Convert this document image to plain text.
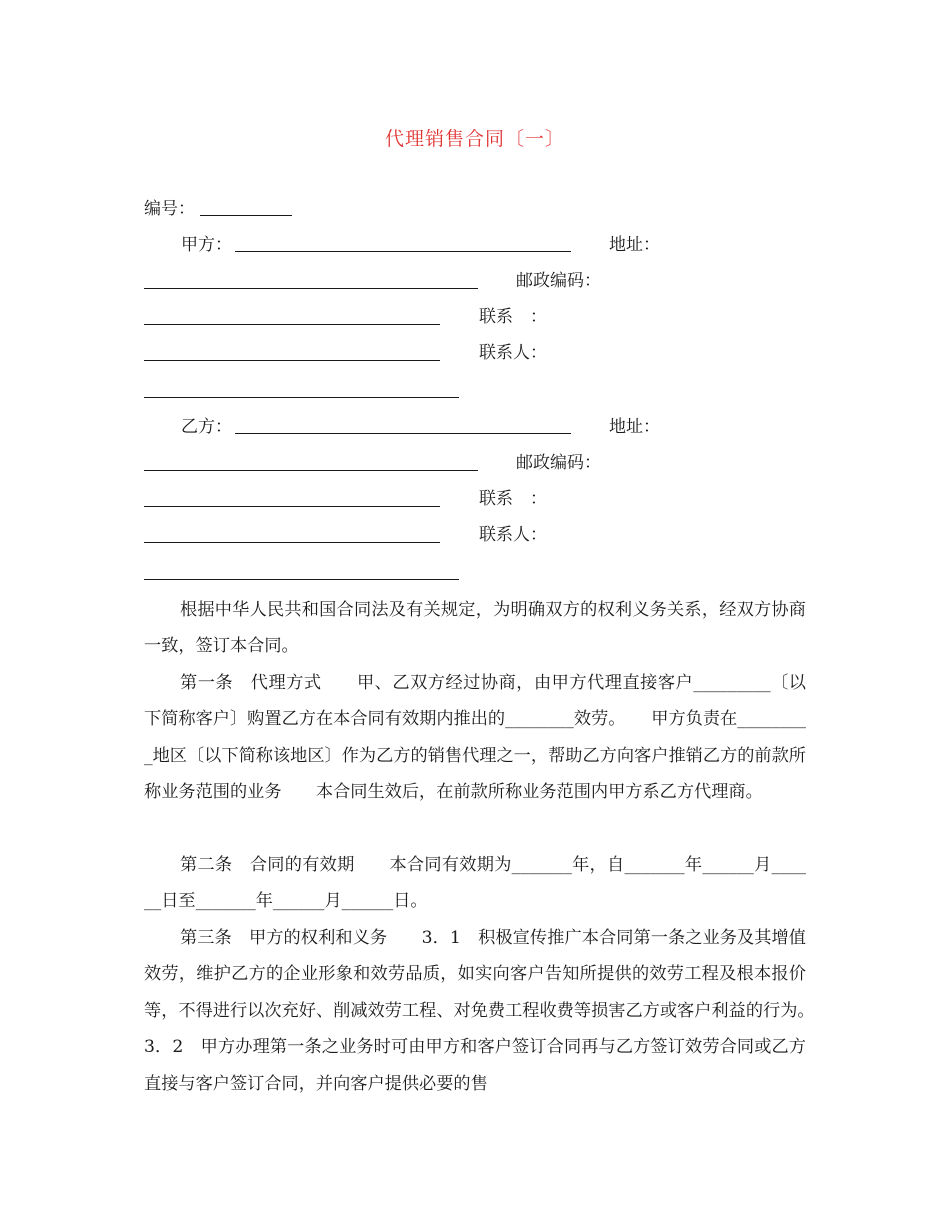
代理销售合同〔一〕
编号：
甲方：	地址：
邮政编码：
联系　：
联系人：
乙方：	地址：
邮政编码：
联系　：
联系人：

根据中华人民共和国合同法及有关规定，为明确双方的权利义务关系，经双方协商一致，签订本合同。

第一条　代理方式　　甲、乙双方经过协商，由甲方代理直接客户_________〔以下简称客户〕购置乙方在本合同有效期内推出的________效劳。　　甲方负责在_________地区〔以下简称该地区〕作为乙方的销售代理之一，帮助乙方向客户推销乙方的前款所称业务范围的业务　　本合同生效后，在前款所称业务范围内甲方系乙方代理商。

第二条　合同的有效期　　本合同有效期为_______年，自_______年______月______日至_______年______月______日。

第三条　甲方的权利和义务　　3．1　积极宣传推广本合同第一条之业务及其增值效劳，维护乙方的企业形象和效劳品质，如实向客户告知所提供的效劳工程及根本报价等，不得进行以次充好、削减效劳工程、对免费工程收费等损害乙方或客户利益的行为。　　3．2　甲方办理第一条之业务时可由甲方和客户签订合同再与乙方签订效劳合同或乙方直接与客户签订合同，并向客户提供必要的售
